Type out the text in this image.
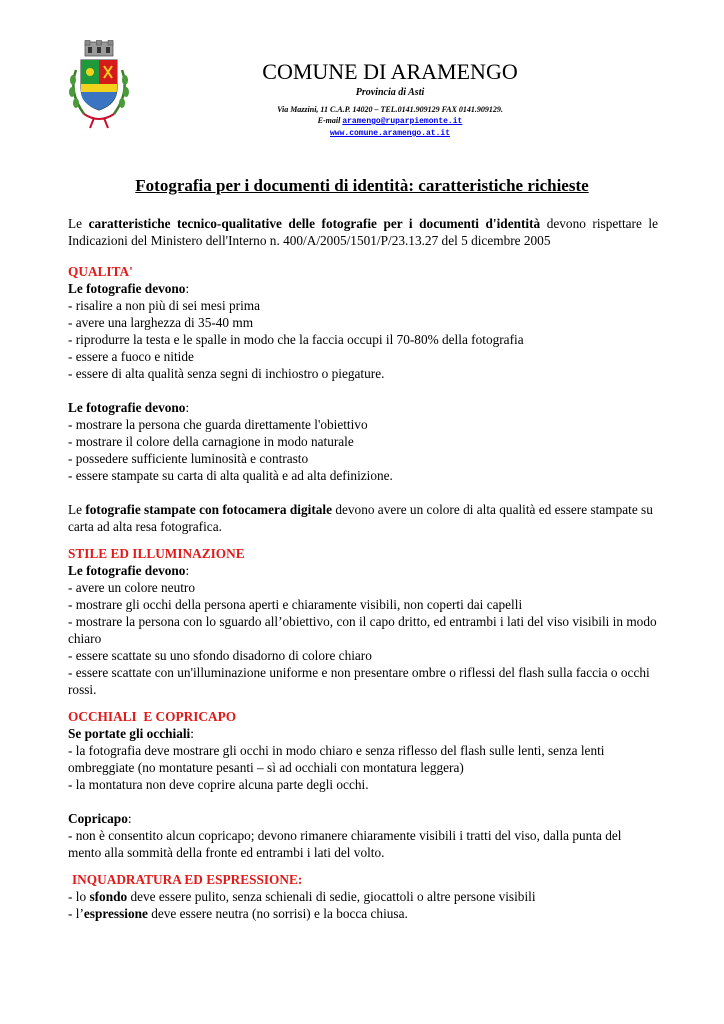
COMUNE DI ARAMENGO
Provincia di Asti
Via Mazzini, 11 C.A.P. 14020 – TEL.0141.909129 FAX 0141.909129.
E-mail aramengo@ruparpiemonte.it
www.comune.aramengo.at.it
Fotografia per i documenti di identità: caratteristiche richieste

Le caratteristiche tecnico-qualitative delle fotografie per i documenti d'identità devono rispettare le Indicazioni del Ministero dell'Interno n. 400/A/2005/1501/P/23.13.27 del 5 dicembre 2005

QUALITA'

Le fotografie devono:

- risalire a non più di sei mesi prima

- avere una larghezza di 35-40 mm

- riprodurre la testa e le spalle in modo che la faccia occupi il 70-80% della fotografia

- essere a fuoco e nitide

- essere di alta qualità senza segni di inchiostro o piegature.

Le fotografie devono:

- mostrare la persona che guarda direttamente l'obiettivo

- mostrare il colore della carnagione in modo naturale

- possedere sufficiente luminosità e contrasto

- essere stampate su carta di alta qualità e ad alta definizione.

Le fotografie stampate con fotocamera digitale devono avere un colore di alta qualità ed essere stampate su carta ad alta resa fotografica.

STILE ED ILLUMINAZIONE

Le fotografie devono:

- avere un colore neutro

- mostrare gli occhi della persona aperti e chiaramente visibili, non coperti dai capelli

- mostrare la persona con lo sguardo all’obiettivo, con il capo dritto, ed entrambi i lati del viso visibili in modo chiaro

- essere scattate su uno sfondo disadorno di colore chiaro

- essere scattate con un'illuminazione uniforme e non presentare ombre o riflessi del flash sulla faccia o occhi rossi.

OCCHIALI  E COPRICAPO

Se portate gli occhiali:

- la fotografia deve mostrare gli occhi in modo chiaro e senza riflesso del flash sulle lenti, senza lenti ombreggiate (no montature pesanti – sì ad occhiali con montatura leggera)

- la montatura non deve coprire alcuna parte degli occhi.

Copricapo:

- non è consentito alcun copricapo; devono rimanere chiaramente visibili i tratti del viso, dalla punta del mento alla sommità della fronte ed entrambi i lati del volto.

INQUADRATURA ED ESPRESSIONE:

- lo sfondo deve essere pulito, senza schienali di sedie, giocattoli o altre persone visibili

- l’espressione deve essere neutra (no sorrisi) e la bocca chiusa.
